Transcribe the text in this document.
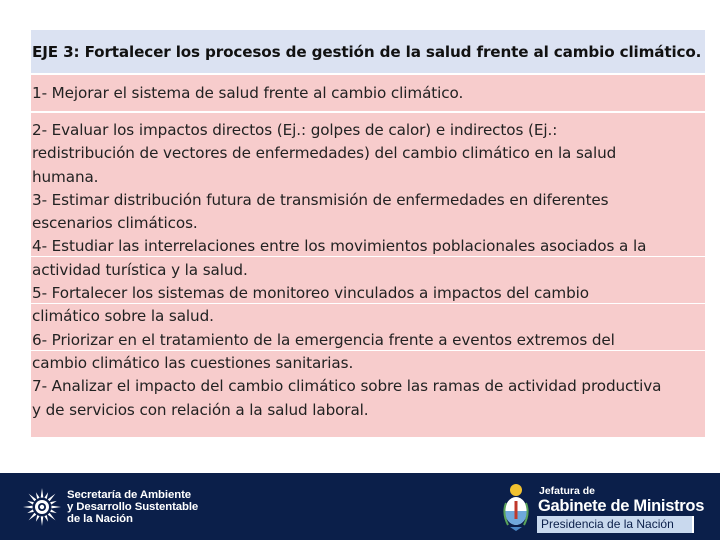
EJE 3: Fortalecer los procesos de gestión de la salud frente al cambio climático.
1- Mejorar el sistema de salud frente al cambio climático.

2- Evaluar los impactos directos (Ej.: golpes de calor) e indirectos (Ej.:

redistribución de vectores de enfermedades) del cambio climático en la salud

humana.

3- Estimar distribución futura de transmisión de enfermedades en diferentes

escenarios climáticos.

4- Estudiar las interrelaciones entre los movimientos poblacionales asociados a la

actividad turística y la salud.

5- Fortalecer los sistemas de monitoreo vinculados a impactos del cambio

climático sobre la salud.

6- Priorizar en el tratamiento de la emergencia frente a eventos extremos del

cambio climático las cuestiones sanitarias.

7- Analizar el impacto del cambio climático sobre las ramas de actividad productiva

y de servicios con relación a la salud laboral.

Secretaría de Ambiente
y Desarrollo Sustentable
de la Nación
Jefatura de
Gabinete de Ministros
Presidencia de la Nación
